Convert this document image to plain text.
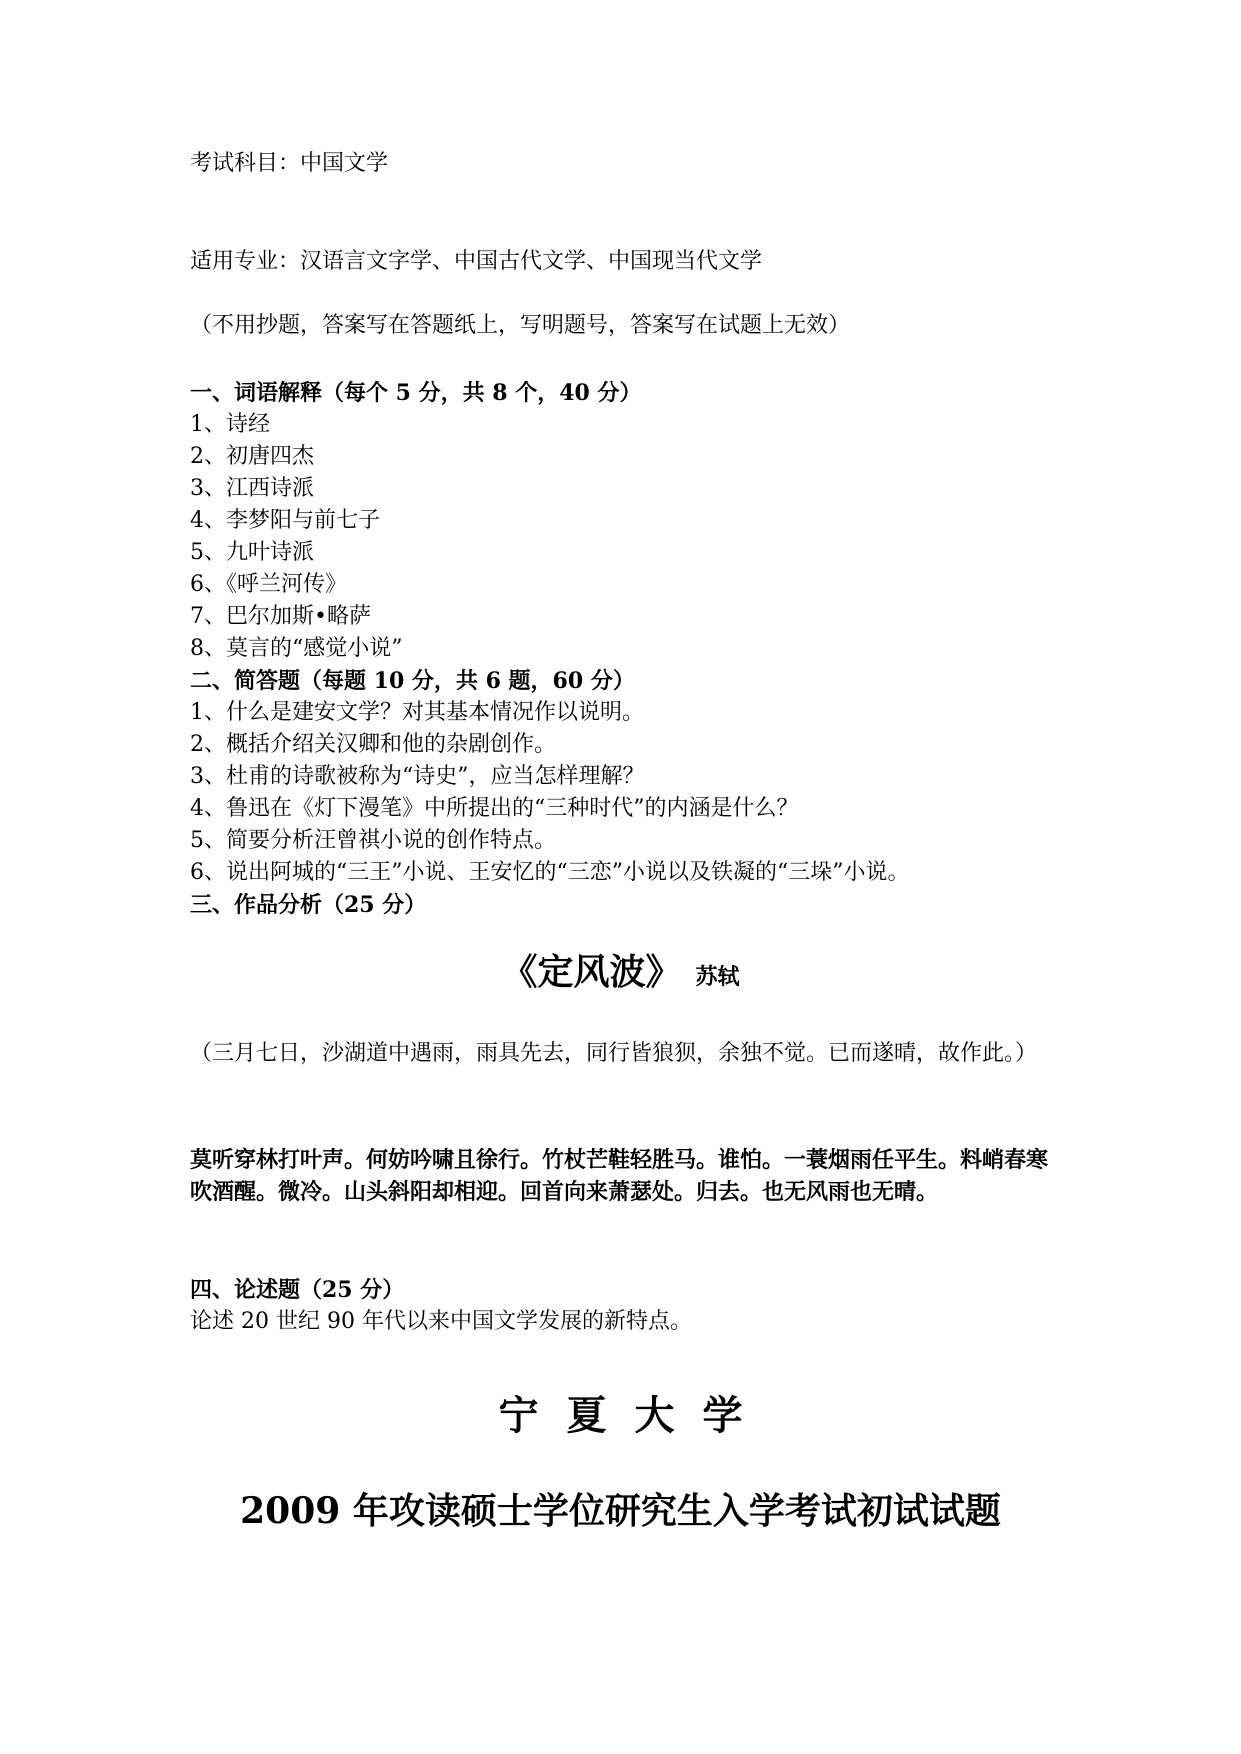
考试科目：中国文学
适用专业：汉语言文字学、中国古代文学、中国现当代文学
（不用抄题，答案写在答题纸上，写明题号，答案写在试题上无效）
一、词语解释（每个 5 分，共 8 个，40 分）
1、诗经
2、初唐四杰
3、江西诗派
4、李梦阳与前七子
5、九叶诗派
6、《呼兰河传》
7、巴尔加斯•略萨
8、莫言的“感觉小说”
二、简答题（每题 10 分，共 6 题，60 分）
1、什么是建安文学？对其基本情况作以说明。
2、概括介绍关汉卿和他的杂剧创作。
3、杜甫的诗歌被称为“诗史”，应当怎样理解？
4、鲁迅在《灯下漫笔》中所提出的“三种时代”的内涵是什么？
5、简要分析汪曾祺小说的创作特点。
6、说出阿城的“三王”小说、王安忆的“三恋”小说以及铁凝的“三垛”小说。
三、作品分析（25 分）
《定风波》 苏轼
（三月七日，沙湖道中遇雨，雨具先去，同行皆狼狈，余独不觉。已而遂晴，故作此。）
莫听穿林打叶声。何妨吟啸且徐行。竹杖芒鞋轻胜马。谁怕。一蓑烟雨任平生。料峭春寒吹酒醒。微冷。山头斜阳却相迎。回首向来萧瑟处。归去。也无风雨也无晴。
四、论述题（25 分）
论述 20 世纪 90 年代以来中国文学发展的新特点。
宁夏大学
2009 年攻读硕士学位研究生入学考试初试试题
